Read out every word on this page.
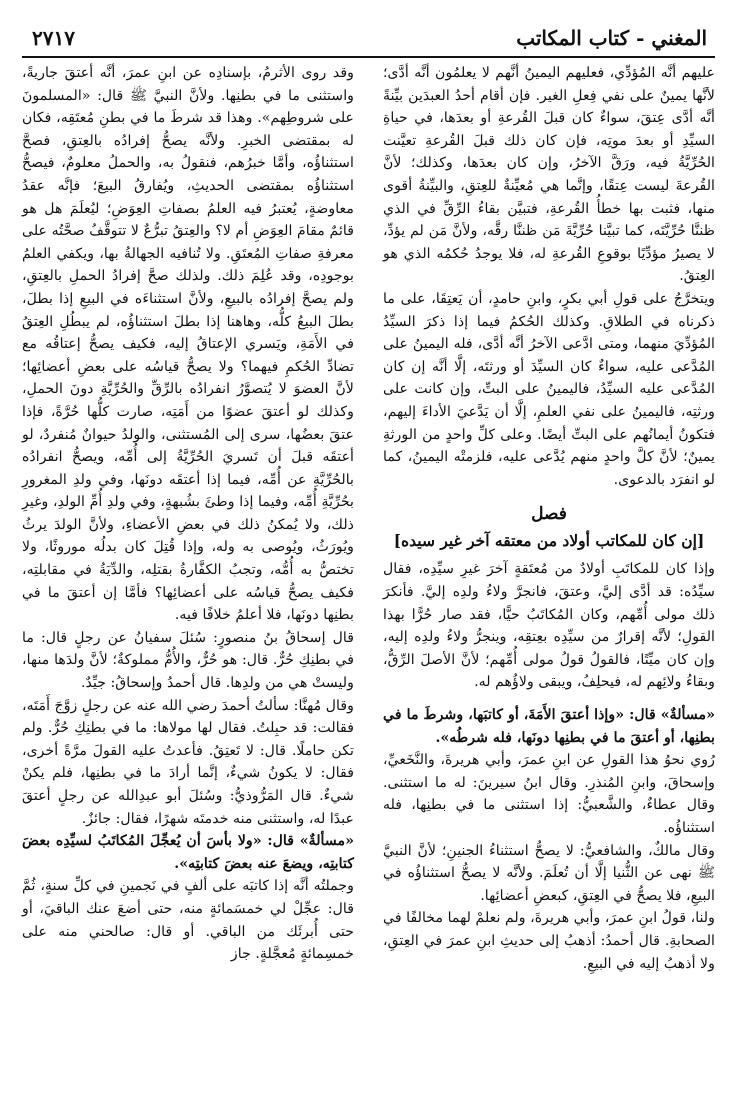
٢٧١٧	المغني - كتاب المكاتب

عليهم أنَّه المُؤدِّي، فعليهم اليمينُ أنَّهم لا يعلمُون أنَّه أدَّى؛ لأنَّها يمينٌ على نفي فِعلِ الغير. فإن أقام أحدُ العبدَين بيِّنةً أنَّه أدَّى عِتقَ، سواءٌ كان قبلَ القُرعةِ أو بعدَها، في حياةِ السيِّدِ أو بعدَ موتِه، فإن كان ذلك قبلَ القُرعةِ تعيَّنت الحُرِّيَّةُ فيه، ورَقَّ الآخرُ، وإن كان بعدَها، وكذلك؛ لأنَّ القُرعةَ ليست عِتقًا، وإنَّما هي مُعيِّنةٌ للعِتقِ، والبيِّنةُ أقوى منها، فثبت بها خطأُ القُرعةِ، فتبيَّن بقاءُ الرِّقِّ في الذي ظننَّا حُرِّيَّتَه، كما تبيَّنا حُرِّيَّةَ مَن ظننَّا رقَّه، ولأنَّ مَن لم يؤدِّ، لا يصيرُ مؤدِّيًا بوقوعِ القُرعةِ له، فلا يوجدُ حُكمُه الذي هو العِتقُ.

ويتخرَّجُ على قولِ أبي بكرٍ، وابنِ حامدٍ، أن يَعتِقَا، على ما ذكرناه في الطلاقِ. وكذلك الحُكمُ فيما إذا ذكرَ السيِّدُ المُؤدِّيَ منهما، ومتى ادَّعى الآخرُ أنَّه أدَّى، فله اليمينُ على المُدَّعى عليه، سواءٌ كان السيِّدَ أو ورثتَه، إلَّا أنَّه إن كان المُدَّعى عليه السيِّدُ، فاليمينُ على البتِّ، وإن كانت على ورثتِه، فاليمينُ على نفي العلمِ، إلَّا أن يَدَّعيَ الأداءَ إليهم، فتكونُ أيمانُهم على البتِّ أيضًا. وعلى كلِّ واحدٍ من الورثةِ يمينٌ؛ لأنَّ كلَّ واحدٍ منهم يُدَّعى عليه، فلزمتْه اليمينُ، كما لو انفرَد بالدعوى.

فصل
[إن كان للمكاتب أولاد من معتقه آخر غير سيده]

وإذا كان للمكاتَبِ أولادٌ من مُعتَقةٍ آخرَ غيرِ سيِّدِه، فقال سيِّدُه: قد أدَّى إليَّ، وعتقَ، فانجرَّ ولاءُ ولدِه إليَّ. فأنكرَ ذلك مولى أُمِّهم، وكان المُكاتَبُ حيًّا، فقد صار حُرًّا بهذا القولِ؛ لأنَّه إقرارٌ من سيِّدِه بعِتقِه، وينجرُّ ولاءُ ولدِه إليه، وإن كان ميِّتًا، فالقولُ قولُ مولى أُمِّهم؛ لأنَّ الأصلَ الرِّقُّ، وبقاءُ ولائِهم له، فيحلِفُ، ويبقى ولاؤُهم له.

«مسألةٌ» قال: «وإذا أعتقَ الأَمَةَ، أو كاتبَها، وشرطَ ما في بطنِها، أو أعتقَ ما في بطنِها دونَها، فله شرطُه».

رُوي نحوُ هذا القولِ عن ابنِ عمرَ، وأبي هريرةَ، والنَّخَعيِّ، وإسحاقَ، وابنِ المُنذرِ. وقال ابنُ سيرينَ: له ما استثنى. وقال عطاءٌ، والشَّعبيُّ: إذا استثنى ما في بطنِها، فله استثناؤُه.

وقال مالكٌ، والشافعيُّ: لا يصحُّ استثناءُ الجنينِ؛ لأنَّ النبيَّ ﷺ نهى عن الثُّنيا إلَّا أن تُعلَمَ. ولأنَّه لا يصحُّ استثناؤُه في البيعِ، فلا يصحُّ في العِتقِ، كبعضِ أعضائِها.

ولنا، قولُ ابنِ عمرَ، وأبي هريرةَ، ولم نعلمْ لهما مخالفًا في الصحابةِ. قال أحمدُ: أذهبُ إلى حديثِ ابنِ عمرَ في العِتقِ، ولا أذهبُ إليه في البيعِ.

وقد روى الأثرمُ، بإسنادِه عن ابنِ عمرَ، أنَّه أعتقَ جاريةً، واستثنى ما في بطنِها. ولأنَّ النبيَّ ﷺ قال: «المسلمونَ على شروطِهم». وهذا قد شرطَ ما في بطنِ مُعتَقِه، فكان له بمقتضى الخبرِ. ولأنَّه يصحُّ إفرادُه بالعِتقِ، فصحَّ استثناؤُه، وأمَّا خبرُهم، فنقولُ به، والحملُ معلومٌ، فيصحُّ استثناؤُه بمقتضى الحديثِ، ويُفارقُ البيعَ؛ فإنَّه عقدُ معاوضةٍ، يُعتبرُ فيه العلمُ بصفاتِ العِوَضِ؛ ليُعلَمَ هل هو قائمٌ مقامَ العِوَضِ أم لا؟ والعِتقُ تبرُّعٌ لا تتوقَّفُ صحَّتُه على معرفةِ صفاتِ المُعتَقِ. ولا تُنافيه الجهالةُ بها، ويكفي العلمُ بوجودِه، وقد عُلِمَ ذلك. ولذلك صحَّ إفرادُ الحملِ بالعِتقِ، ولم يصحَّ إفرادُه بالبيعِ، ولأنَّ استثناءَه في البيعِ إذا بطلَ، بطلَ البيعُ كلُّه، وهاهنا إذا بطلَ استثناؤُه، لم يبطُلِ العِتقُ في الأَمَةِ، ويَسري الإعتاقُ إليه، فكيف يصحُّ إعتاقُه مع تضادِّ الحُكمِ فيهما؟ ولا يصحُّ قياسُه على بعضِ أعضائِها؛ لأنَّ العضوَ لا يُتصوَّرُ انفرادُه بالرِّقِّ والحُرِّيَّةِ دونَ الحملِ، وكذلك لو أعتقَ عضوًا من أَمَتِه، صارت كلُّها حُرَّةً، فإذا عتقَ بعضُها، سرى إلى المُستثنى، والولدُ حيوانٌ مُنفردٌ، لو أعتقَه قبلَ أن تَسريَ الحُرِّيَّةُ إلى أُمِّه، ويصحُّ انفرادُه بالحُرِّيَّةِ عن أُمِّه، فيما إذا أعتقَه دونَها، وفي ولدِ المغرورِ بحُرِّيَّةِ أُمِّه، وفيما إذا وطئَ بشُبهةٍ، وفي ولدِ أُمِّ الولدِ، وغيرِ ذلك، ولا يُمكنُ ذلك في بعضِ الأعضاءِ، ولأنَّ الولدَ يرثُ ويُورَثُ، ويُوصى به وله، وإذا قُتِلَ كان بدلُه موروثًا، ولا تختصُّ به أُمُّه، وتجبُ الكفَّارةُ بقتلِه، والدِّيَةُ في مقابلتِه، فكيف يصحُّ قياسُه على أعضائِها؟ فأمَّا إن أعتقَ ما في بطنِها دونَها، فلا أعلمُ خلافًا فيه.

قال إسحاقُ بنُ منصورٍ: سُئلَ سفيانُ عن رجلٍ قال: ما في بطنِكِ حُرٌّ. قال: هو حُرٌّ، والأُمُّ مملوكةٌ؛ لأنَّ ولدَها منها، وليستْ هي من ولدِها. قال أحمدُ وإسحاقُ: جيِّدٌ.

وقال مُهنَّا: سألتُ أحمدَ رضي الله عنه عن رجلٍ زوَّجَ أَمَتَه، فقالت: قد حبِلتُ. فقال لها مولاها: ما في بطنِكِ حُرٌّ. ولم تكن حاملًا. قال: لا تَعتِقُ. فأعدتُ عليه القولَ مرَّةً أخرى، فقال: لا يكونُ شيءٌ، إنَّما أرادَ ما في بطنِها، فلم يكنْ شيءٌ. قال المَرُّوذيُّ: وسُئلَ أبو عبدِالله عن رجلٍ أعتقَ عبدًا له، واستثنى منه خدمتَه شهرًا، فقال: جائزٌ.

«مسألةٌ» قال: «ولا بأسَ أن يُعجِّلَ المُكاتَبُ لسيِّدِه بعضَ كتابتِه، ويضعَ عنه بعضَ كتابتِه».

وجملتُه أنَّه إذا كاتبَه على ألفٍ في نَجمينِ في كلِّ سنةٍ، ثُمَّ قال: عجِّلْ لي خمسَمائةٍ منه، حتى أضعَ عنك الباقيَ، أو حتى أُبرئَك من الباقي. أو قال: صالحني منه على خمسِمائةٍ مُعجَّلةٍ. جاز
